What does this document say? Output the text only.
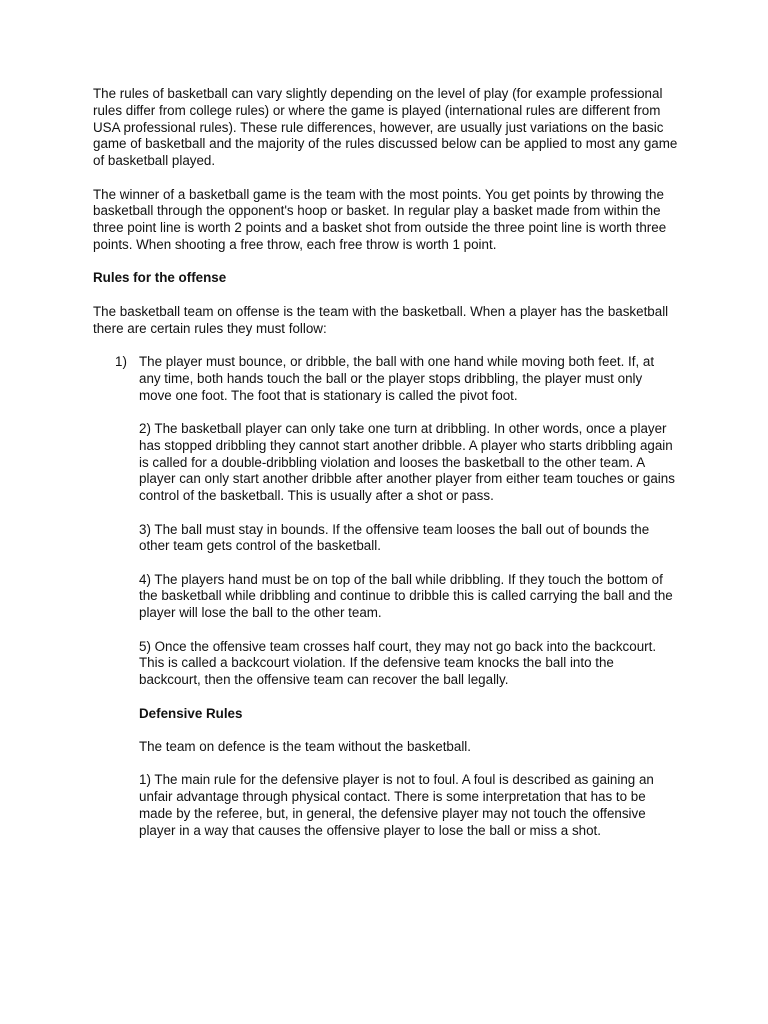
The rules of basketball can vary slightly depending on the level of play (for example professional rules differ from college rules) or where the game is played (international rules are different from USA professional rules). These rule differences, however, are usually just variations on the basic game of basketball and the majority of the rules discussed below can be applied to most any game of basketball played.

The winner of a basketball game is the team with the most points. You get points by throwing the basketball through the opponent's hoop or basket. In regular play a basket made from within the three point line is worth 2 points and a basket shot from outside the three point line is worth three points. When shooting a free throw, each free throw is worth 1 point.

Rules for the offense

The basketball team on offense is the team with the basketball. When a player has the basketball there are certain rules they must follow:

1) The player must bounce, or dribble, the ball with one hand while moving both feet. If, at any time, both hands touch the ball or the player stops dribbling, the player must only move one foot. The foot that is stationary is called the pivot foot.

2) The basketball player can only take one turn at dribbling. In other words, once a player has stopped dribbling they cannot start another dribble. A player who starts dribbling again is called for a double-dribbling violation and looses the basketball to the other team. A player can only start another dribble after another player from either team touches or gains control of the basketball. This is usually after a shot or pass.

3) The ball must stay in bounds. If the offensive team looses the ball out of bounds the other team gets control of the basketball.

4) The players hand must be on top of the ball while dribbling. If they touch the bottom of the basketball while dribbling and continue to dribble this is called carrying the ball and the player will lose the ball to the other team.

5) Once the offensive team crosses half court, they may not go back into the backcourt. This is called a backcourt violation. If the defensive team knocks the ball into the backcourt, then the offensive team can recover the ball legally.

Defensive Rules

The team on defence is the team without the basketball.

1) The main rule for the defensive player is not to foul. A foul is described as gaining an unfair advantage through physical contact. There is some interpretation that has to be made by the referee, but, in general, the defensive player may not touch the offensive player in a way that causes the offensive player to lose the ball or miss a shot.
